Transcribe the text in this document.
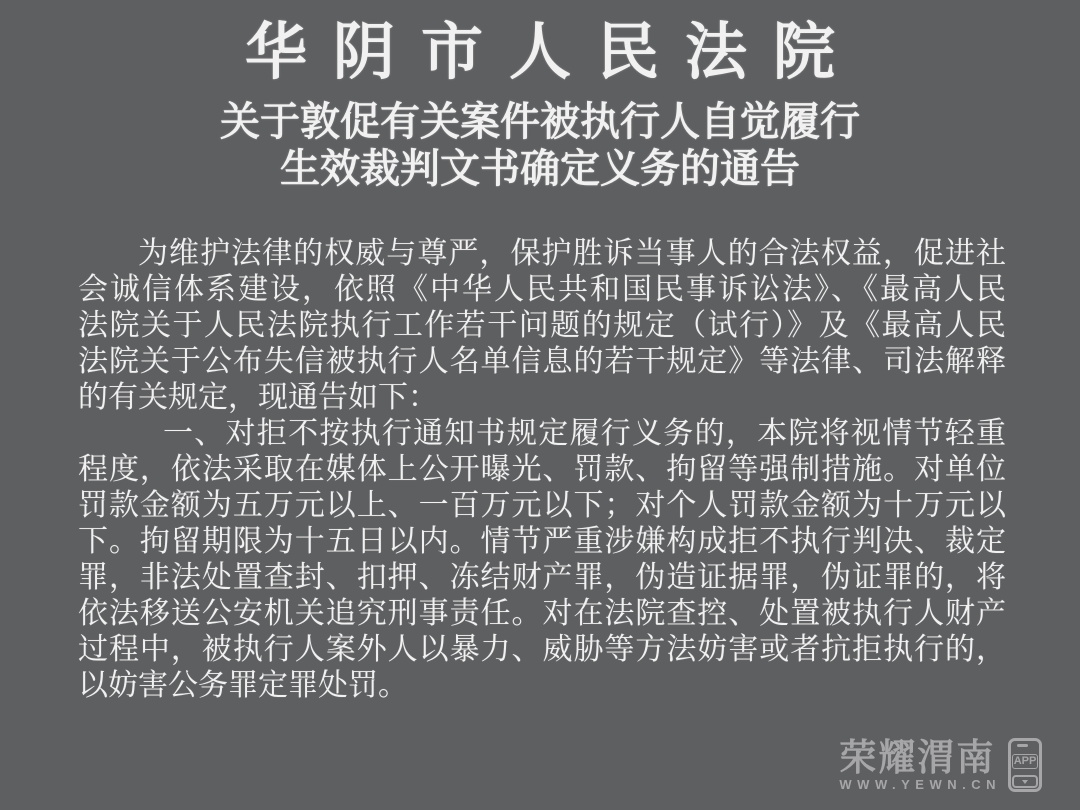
华阴市人民法院
关于敦促有关案件被执行人自觉履行
生效裁判文书确定义务的通告
为维护法律的权威与尊严，保护胜诉当事人的合法权益，促进社
会诚信体系建设，依照《中华人民共和国民事诉讼法》、《最高人民
法院关于人民法院执行工作若干问题的规定（试行）》及《最高人民
法院关于公布失信被执行人名单信息的若干规定》等法律、司法解释
的有关规定，现通告如下：
一、对拒不按执行通知书规定履行义务的，本院将视情节轻重
程度，依法采取在媒体上公开曝光、罚款、拘留等强制措施。对单位
罚款金额为五万元以上、一百万元以下；对个人罚款金额为十万元以
下。拘留期限为十五日以内。情节严重涉嫌构成拒不执行判决、裁定
罪，非法处置查封、扣押、冻结财产罪，伪造证据罪，伪证罪的，将
依法移送公安机关追究刑事责任。对在法院查控、处置被执行人财产
过程中，被执行人案外人以暴力、威胁等方法妨害或者抗拒执行的，
以妨害公务罪定罪处罚。
荣耀渭南
WWW.YEWN.CN
APP
